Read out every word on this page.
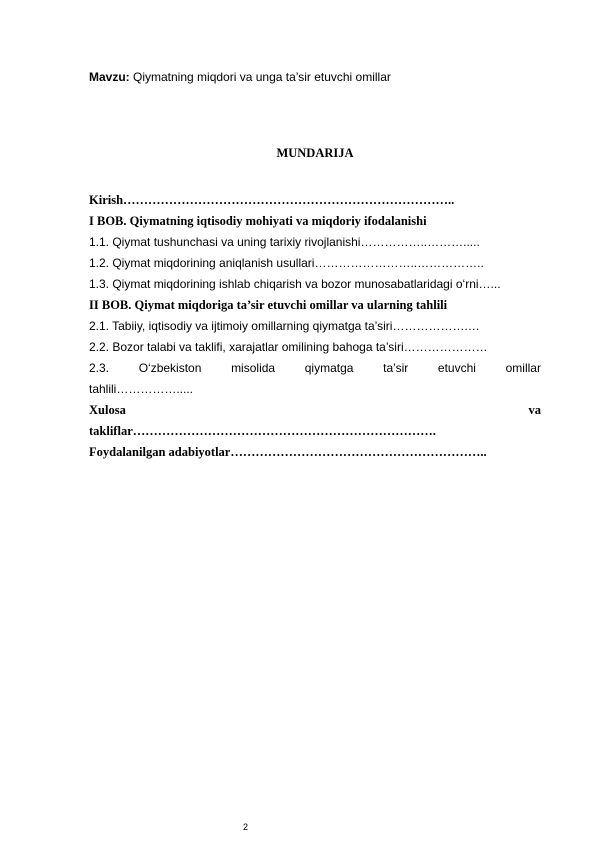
Mavzu: Qiymatning miqdori va unga ta’sir etuvchi omillar
MUNDARIJA
Kirish……………………………………………………………………..
I BOB. Qiymatning iqtisodiy mohiyati va miqdoriy ifodalanishi
1.1. Qiymat tushunchasi va uning tarixiy rivojlanishi……………..……….....
1.2. Qiymat miqdorining aniqlanish usullari……………………..……………..
1.3. Qiymat miqdorining ishlab chiqarish va bozor munosabatlaridagi o‘rni…...
II BOB. Qiymat miqdoriga ta’sir etuvchi omillar va ularning tahlili
2.1. Tabiiy, iqtisodiy va ijtimoiy omillarning qiymatga ta’siri……………….…
2.2. Bozor talabi va taklifi, xarajatlar omilining bahoga ta’siri…………………
2.3. O‘zbekiston misolida qiymatga ta’sir etuvchi omillar
tahlili…………….....
Xulosa	va
takliflar……………………………………………………………….
Foydalanilgan adabiyotlar……………………………………………………..
2
